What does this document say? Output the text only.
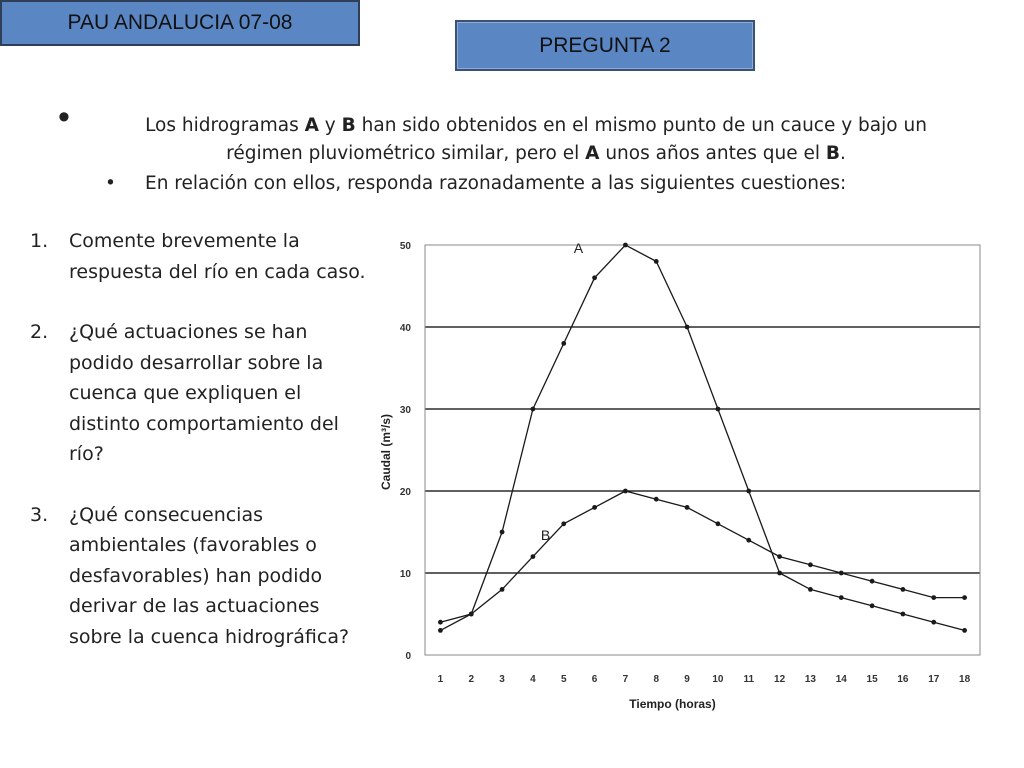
PAU ANDALUCIA 07-08
PREGUNTA 2
•	Los hidrogramas A y B han sido obtenidos en el mismo punto de un cauce y bajo un
régimen pluviométrico similar, pero el A unos años antes que el B.
•	En relación con ellos, responda razonadamente a las siguientes cuestiones:
1.	Comente brevemente la respuesta del río en cada caso.
2.	¿Qué actuaciones se han podido desarrollar sobre la cuenca que expliquen el distinto comportamiento del río?
3.	¿Qué consecuencias ambientales (favorables o desfavorables) han podido derivar de las actuaciones sobre la cuenca hidrográfica?
0
10
20
30
40
50
1	2	3	4	5	6	7	8	9 10 11 12 13 14 15 16 17 18
A
B
Tiempo (horas)
Caudal (m³/s)
